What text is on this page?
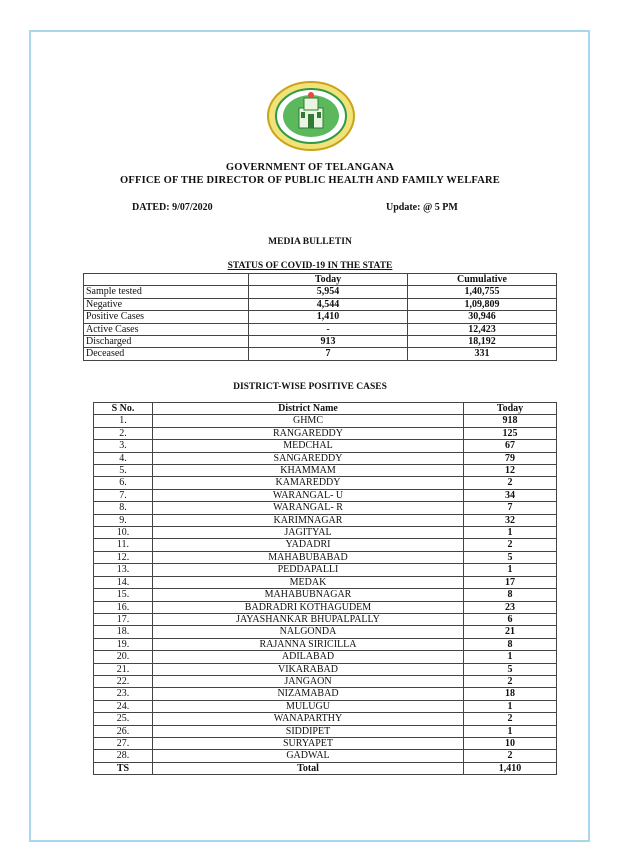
GOVERNMENT OF TELANGANA
OFFICE OF THE DIRECTOR OF PUBLIC HEALTH AND FAMILY WELFARE
DATED: 9/07/2020	Update: @ 5 PM
MEDIA BULLETIN
STATUS OF COVID-19 IN THE STATE
	Today	Cumulative
Sample tested	5,954	1,40,755
Negative	4,544	1,09,809
Positive Cases	1,410	30,946
Active Cases	-	12,423
Discharged	913	18,192
Deceased	7	331
DISTRICT-WISE POSITIVE CASES
S No.	District Name	Today
1.	GHMC	918
2.	RANGAREDDY	125
3.	MEDCHAL	67
4.	SANGAREDDY	79
5.	KHAMMAM	12
6.	KAMAREDDY	2
7.	WARANGAL- U	34
8.	WARANGAL- R	7
9.	KARIMNAGAR	32
10.	JAGITYAL	1
11.	YADADRI	2
12.	MAHABUBABAD	5
13.	PEDDAPALLI	1
14.	MEDAK	17
15.	MAHABUBNAGAR	8
16.	BADRADRI KOTHAGUDEM	23
17.	JAYASHANKAR BHUPALPALLY	6
18.	NALGONDA	21
19.	RAJANNA SIRICILLA	8
20.	ADILABAD	1
21.	VIKARABAD	5
22.	JANGAON	2
23.	NIZAMABAD	18
24.	MULUGU	1
25.	WANAPARTHY	2
26.	SIDDIPET	1
27.	SURYAPET	10
28.	GADWAL	2
TS	Total	1,410
